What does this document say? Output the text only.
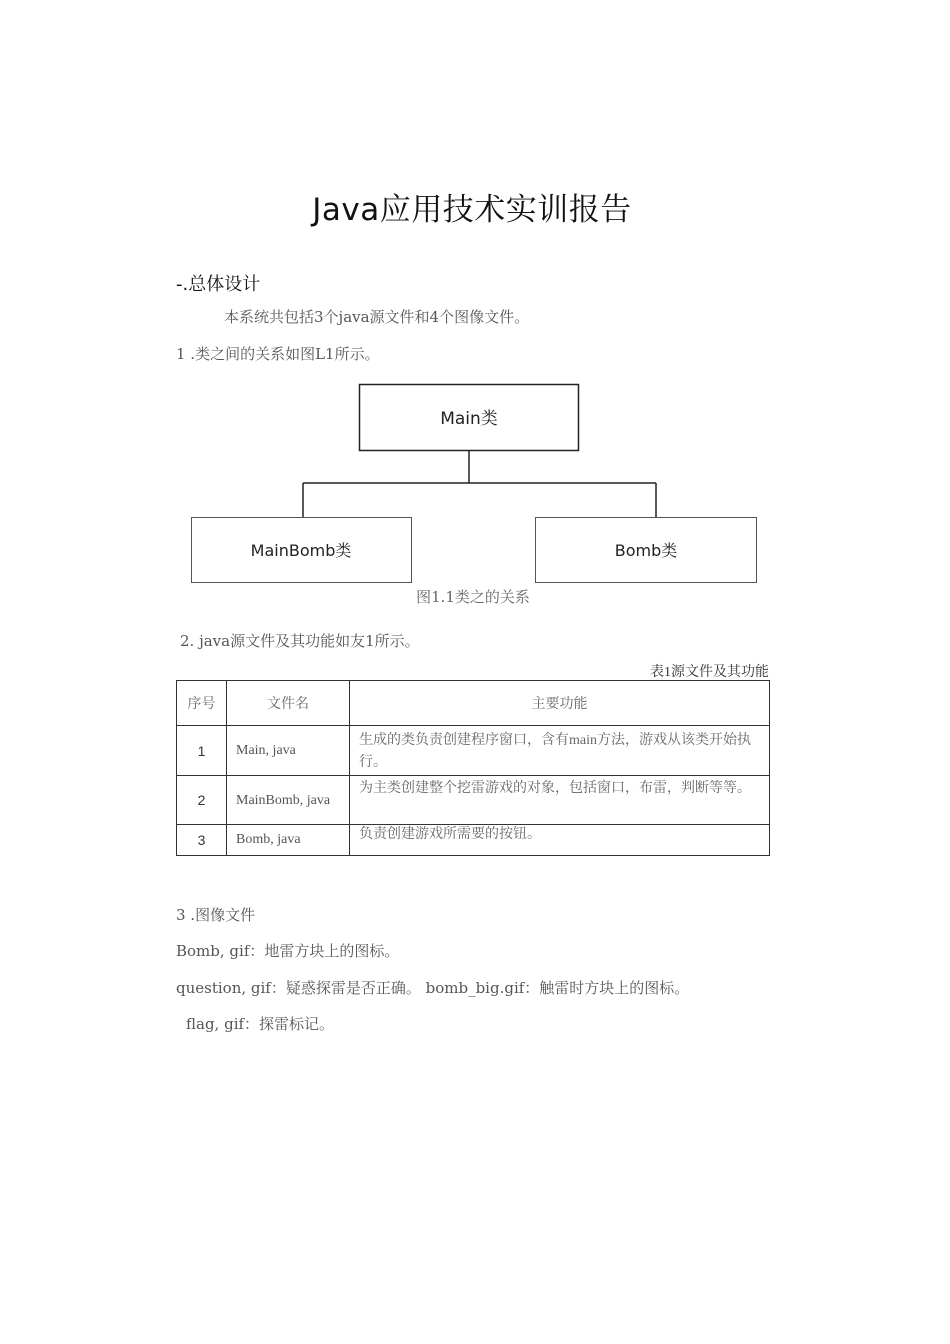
Java应用技术实训报告
-.总体设计
本系统共包括3个java源文件和4个图像文件。
1 .类之间的关系如图L1所示。
Main类
MainBomb类	Bomb类
图1.1类之的关系
2. java源文件及其功能如友1所示。
表1源文件及其功能
序号	文件名	主要功能
1	Main, java	生成的类负责创建程序窗口，含有main方法，游戏从该类开始执行。
2	MainBomb, java	为主类创建整个挖雷游戏的对象，包括窗口，布雷，判断等等。
3	Bomb, java	负责创建游戏所需要的按钮。
3 .图像文件
Bomb, gif：地雷方块上的图标。
question, gif：疑惑探雷是否正确。 bomb_big.gif：触雷时方块上的图标。
flag, gif：探雷标记。
